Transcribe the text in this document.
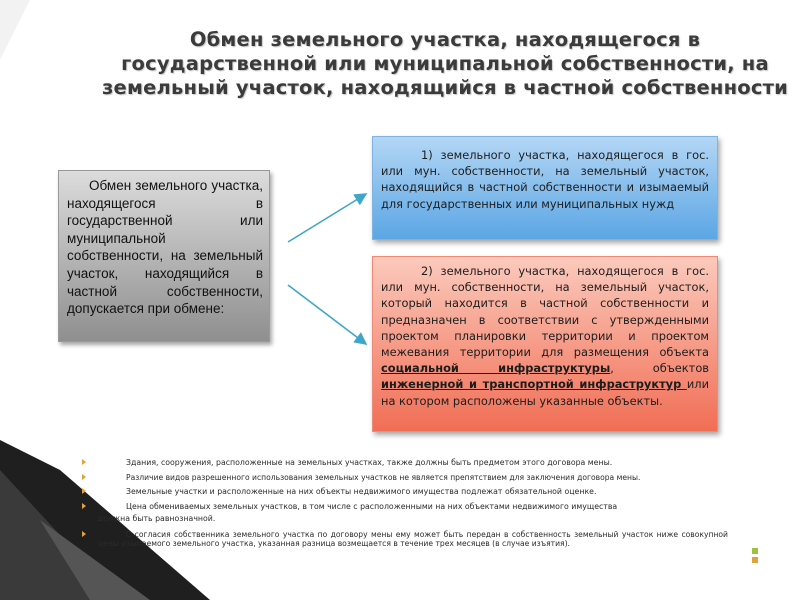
Обмен земельного участка, находящегося в государственной или муниципальной собственности, на земельный участок, находящийся в частной собственности
Обмен земельного участка, находящегося в государственной или муниципальной собственности, на земельный участок, находящийся в частной собственности, допускается при обмене:
1) земельного участка, находящегося в гос. или мун. собственности, на земельный участок, находящийся в частной собственности и изымаемый для государственных или муниципальных нужд
2) земельного участка, находящегося в гос. или мун. собственности, на земельный участок, который находится в частной собственности и предназначен в соответствии с утвержденными проектом планировки территории и проектом межевания территории для размещения объекта социальной инфраструктуры, объектов инженерной и транспортной инфраструктур или на котором расположены указанные объекты.
Здания, сооружения, расположенные на земельных участках, также должны быть предметом этого договора мены.
Различие видов разрешенного использования земельных участков не является препятствием для заключения договора мены.
Земельные участки и расположенные на них объекты недвижимого имущества подлежат обязательной оценке.
Цена обмениваемых земельных участков, в том числе с расположенными на них объектами недвижимого имущества
должна быть равнозначной.
С согласия собственника земельного участка по договору мены ему может быть передан в собственность земельный участок ниже совокупной цены изымаемого земельного участка, указанная разница возмещается в течение трех месяцев (в случае изъятия).
